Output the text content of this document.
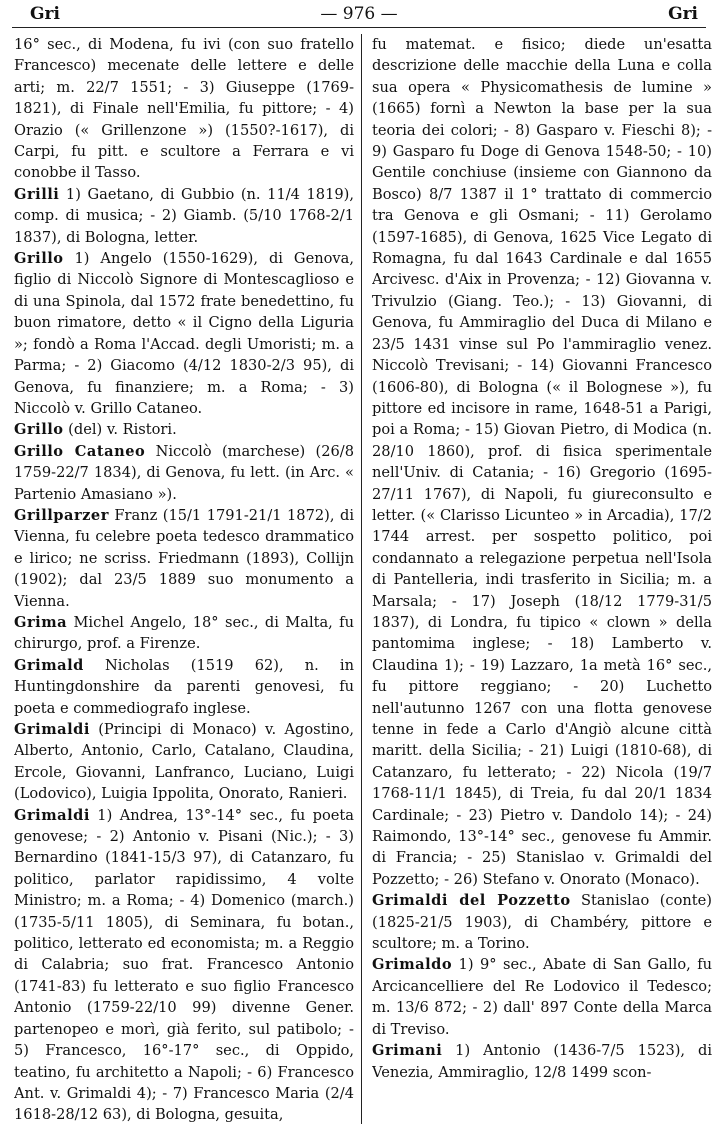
Gri	— 976 —	Gri

16° sec., di Modena, fu ivi (con suo fratello Francesco) mecenate delle lettere e delle arti; m. 22/7 1551; - 3) Giuseppe (1769-1821), di Finale nell'Emilia, fu pittore; - 4) Orazio (« Grillenzone ») (1550?-1617), di Carpi, fu pitt. e scultore a Ferrara e vi conobbe il Tasso.

Grilli 1) Gaetano, di Gubbio (n. 11/4 1819), comp. di musica; - 2) Giamb. (5/10 1768-2/1 1837), di Bologna, letter.

Grillo 1) Angelo (1550-1629), di Genova, figlio di Niccolò Signore di Montescaglioso e di una Spinola, dal 1572 frate benedettino, fu buon rimatore, detto « il Cigno della Liguria »; fondò a Roma l'Accad. degli Umoristi; m. a Parma; - 2) Giacomo (4/12 1830-2/3 95), di Genova, fu finanziere; m. a Roma; - 3) Niccolò v. Grillo Cataneo.

Grillo (del) v. Ristori.

Grillo Cataneo Niccolò (marchese) (26/8 1759-22/7 1834), di Genova, fu lett. (in Arc. « Partenio Amasiano »).

Grillparzer Franz (15/1 1791-21/1 1872), di Vienna, fu celebre poeta tedesco drammatico e lirico; ne scriss. Friedmann (1893), Collijn (1902); dal 23/5 1889 suo monumento a Vienna.

Grima Michel Angelo, 18° sec., di Malta, fu chirurgo, prof. a Firenze.

Grimald Nicholas (1519 62), n. in Huntingdonshire da parenti genovesi, fu poeta e commediografo inglese.

Grimaldi (Principi di Monaco) v. Agostino, Alberto, Antonio, Carlo, Catalano, Claudina, Ercole, Giovanni, Lanfranco, Luciano, Luigi (Lodovico), Luigia Ippolita, Onorato, Ranieri.

Grimaldi 1) Andrea, 13°-14° sec., fu poeta genovese; - 2) Antonio v. Pisani (Nic.); - 3) Bernardino (1841-15/3 97), di Catanzaro, fu politico, parlator rapidissimo, 4 volte Ministro; m. a Roma; - 4) Domenico (march.) (1735-5/11 1805), di Seminara, fu botan., politico, letterato ed economista; m. a Reggio di Calabria; suo frat. Francesco Antonio (1741-83) fu letterato e suo figlio Francesco Antonio (1759-22/10 99) divenne Gener. partenopeo e morì, già ferito, sul patibolo; - 5) Francesco, 16°-17° sec., di Oppido, teatino, fu architetto a Napoli; - 6) Francesco Ant. v. Grimaldi 4); - 7) Francesco Maria (2/4 1618-28/12 63), di Bologna, gesuita,

fu matemat. e fisico; diede un'esatta descrizione delle macchie della Luna e colla sua opera « Physicomathesis de lumine » (1665) fornì a Newton la base per la sua teoria dei colori; - 8) Gasparo v. Fieschi 8); - 9) Gasparo fu Doge di Genova 1548-50; - 10) Gentile conchiuse (insieme con Giannono da Bosco) 8/7 1387 il 1° trattato di commercio tra Genova e gli Osmani; - 11) Gerolamo (1597-1685), di Genova, 1625 Vice Legato di Romagna, fu dal 1643 Cardinale e dal 1655 Arcivesc. d'Aix in Provenza; - 12) Giovanna v. Trivulzio (Giang. Teo.); - 13) Giovanni, di Genova, fu Ammiraglio del Duca di Milano e 23/5 1431 vinse sul Po l'ammiraglio venez. Niccolò Trevisani; - 14) Giovanni Francesco (1606-80), di Bologna (« il Bolognese »), fu pittore ed incisore in rame, 1648-51 a Parigi, poi a Roma; - 15) Giovan Pietro, di Modica (n. 28/10 1860), prof. di fisica sperimentale nell'Univ. di Catania; - 16) Gregorio (1695-27/11 1767), di Napoli, fu giureconsulto e letter. (« Clarisso Licunteo » in Arcadia), 17/2 1744 arrest. per sospetto politico, poi condannato a relegazione perpetua nell'Isola di Pantelleria, indi trasferito in Sicilia; m. a Marsala; - 17) Joseph (18/12 1779-31/5 1837), di Londra, fu tipico « clown » della pantomima inglese; - 18) Lamberto v. Claudina 1); - 19) Lazzaro, 1a metà 16° sec., fu pittore reggiano; - 20) Luchetto nell'autunno 1267 con una flotta genovese tenne in fede a Carlo d'Angiò alcune città maritt. della Sicilia; - 21) Luigi (1810-68), di Catanzaro, fu letterato; - 22) Nicola (19/7 1768-11/1 1845), di Treia, fu dal 20/1 1834 Cardinale; - 23) Pietro v. Dandolo 14); - 24) Raimondo, 13°-14° sec., genovese fu Ammir. di Francia; - 25) Stanislao v. Grimaldi del Pozzetto; - 26) Stefano v. Onorato (Monaco).

Grimaldi del Pozzetto Stanislao (conte) (1825-21/5 1903), di Chambéry, pittore e scultore; m. a Torino.

Grimaldo 1) 9° sec., Abate di San Gallo, fu Arcicancelliere del Re Lodovico il Tedesco; m. 13/6 872; - 2) dall' 897 Conte della Marca di Treviso.

Grimani 1) Antonio (1436-7/5 1523), di Venezia, Ammiraglio, 12/8 1499 scon-
